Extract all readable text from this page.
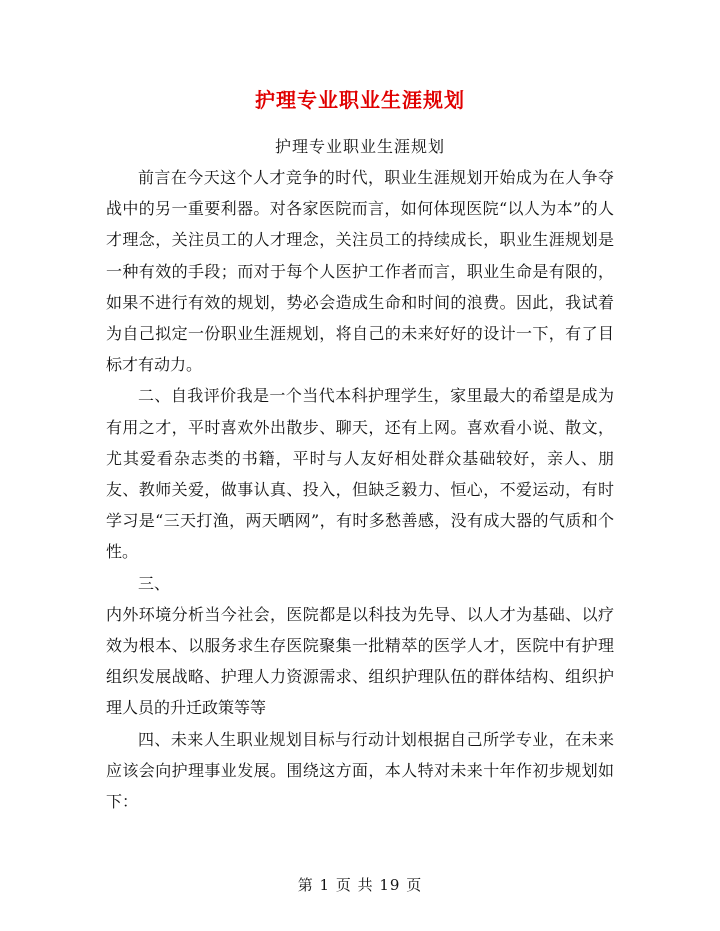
护理专业职业生涯规划
护理专业职业生涯规划

前言在今天这个人才竞争的时代，职业生涯规划开始成为在人争夺战中的另一重要利器。对各家医院而言，如何体现医院“以人为本”的人才理念，关注员工的人才理念，关注员工的持续成长，职业生涯规划是一种有效的手段；而对于每个人医护工作者而言，职业生命是有限的，如果不进行有效的规划，势必会造成生命和时间的浪费。因此，我试着为自己拟定一份职业生涯规划，将自己的未来好好的设计一下，有了目标才有动力。

二、自我评价我是一个当代本科护理学生，家里最大的希望是成为有用之才，平时喜欢外出散步、聊天，还有上网。喜欢看小说、散文，尤其爱看杂志类的书籍，平时与人友好相处群众基础较好，亲人、朋友、教师关爱，做事认真、投入，但缺乏毅力、恒心，不爱运动，有时学习是“三天打渔，两天晒网”，有时多愁善感，没有成大器的气质和个性。

三、

内外环境分析当今社会，医院都是以科技为先导、以人才为基础、以疗效为根本、以服务求生存医院聚集一批精萃的医学人才，医院中有护理组织发展战略、护理人力资源需求、组织护理队伍的群体结构、组织护理人员的升迁政策等等

四、未来人生职业规划目标与行动计划根据自己所学专业，在未来应该会向护理事业发展。围绕这方面，本人特对未来十年作初步规划如下：

第 1 页 共 19 页
